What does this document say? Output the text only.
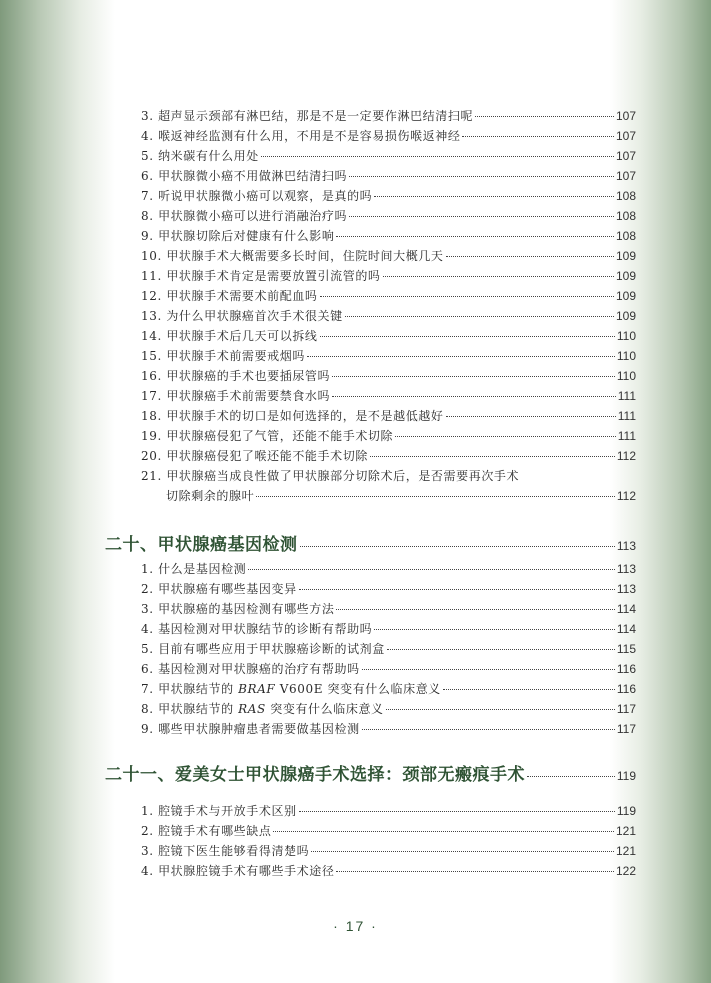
3. 超声显示颈部有淋巴结，那是不是一定要作淋巴结清扫呢	107
4. 喉返神经监测有什么用，不用是不是容易损伤喉返神经	107
5. 纳米碳有什么用处	107
6. 甲状腺微小癌不用做淋巴结清扫吗	107
7. 听说甲状腺微小癌可以观察，是真的吗	108
8. 甲状腺微小癌可以进行消融治疗吗	108
9. 甲状腺切除后对健康有什么影响	108
10. 甲状腺手术大概需要多长时间，住院时间大概几天	109
11. 甲状腺手术肯定是需要放置引流管的吗	109
12. 甲状腺手术需要术前配血吗	109
13. 为什么甲状腺癌首次手术很关键	109
14. 甲状腺手术后几天可以拆线	110
15. 甲状腺手术前需要戒烟吗	110
16. 甲状腺癌的手术也要插尿管吗	110
17. 甲状腺癌手术前需要禁食水吗	111
18. 甲状腺手术的切口是如何选择的，是不是越低越好	111
19. 甲状腺癌侵犯了气管，还能不能手术切除	111
20. 甲状腺癌侵犯了喉还能不能手术切除	112
21. 甲状腺癌当成良性做了甲状腺部分切除术后，是否需要再次手术
切除剩余的腺叶	112
二十、甲状腺癌基因检测	113
1. 什么是基因检测	113
2. 甲状腺癌有哪些基因变异	113
3. 甲状腺癌的基因检测有哪些方法	114
4. 基因检测对甲状腺结节的诊断有帮助吗	114
5. 目前有哪些应用于甲状腺癌诊断的试剂盒	115
6. 基因检测对甲状腺癌的治疗有帮助吗	116
7. 甲状腺结节的 BRAF V600E 突变有什么临床意义	116
8. 甲状腺结节的 RAS 突变有什么临床意义	117
9. 哪些甲状腺肿瘤患者需要做基因检测	117
二十一、爱美女士甲状腺癌手术选择：颈部无瘢痕手术	119
1. 腔镜手术与开放手术区别	119
2. 腔镜手术有哪些缺点	121
3. 腔镜下医生能够看得清楚吗	121
4. 甲状腺腔镜手术有哪些手术途径	122
· 17 ·
